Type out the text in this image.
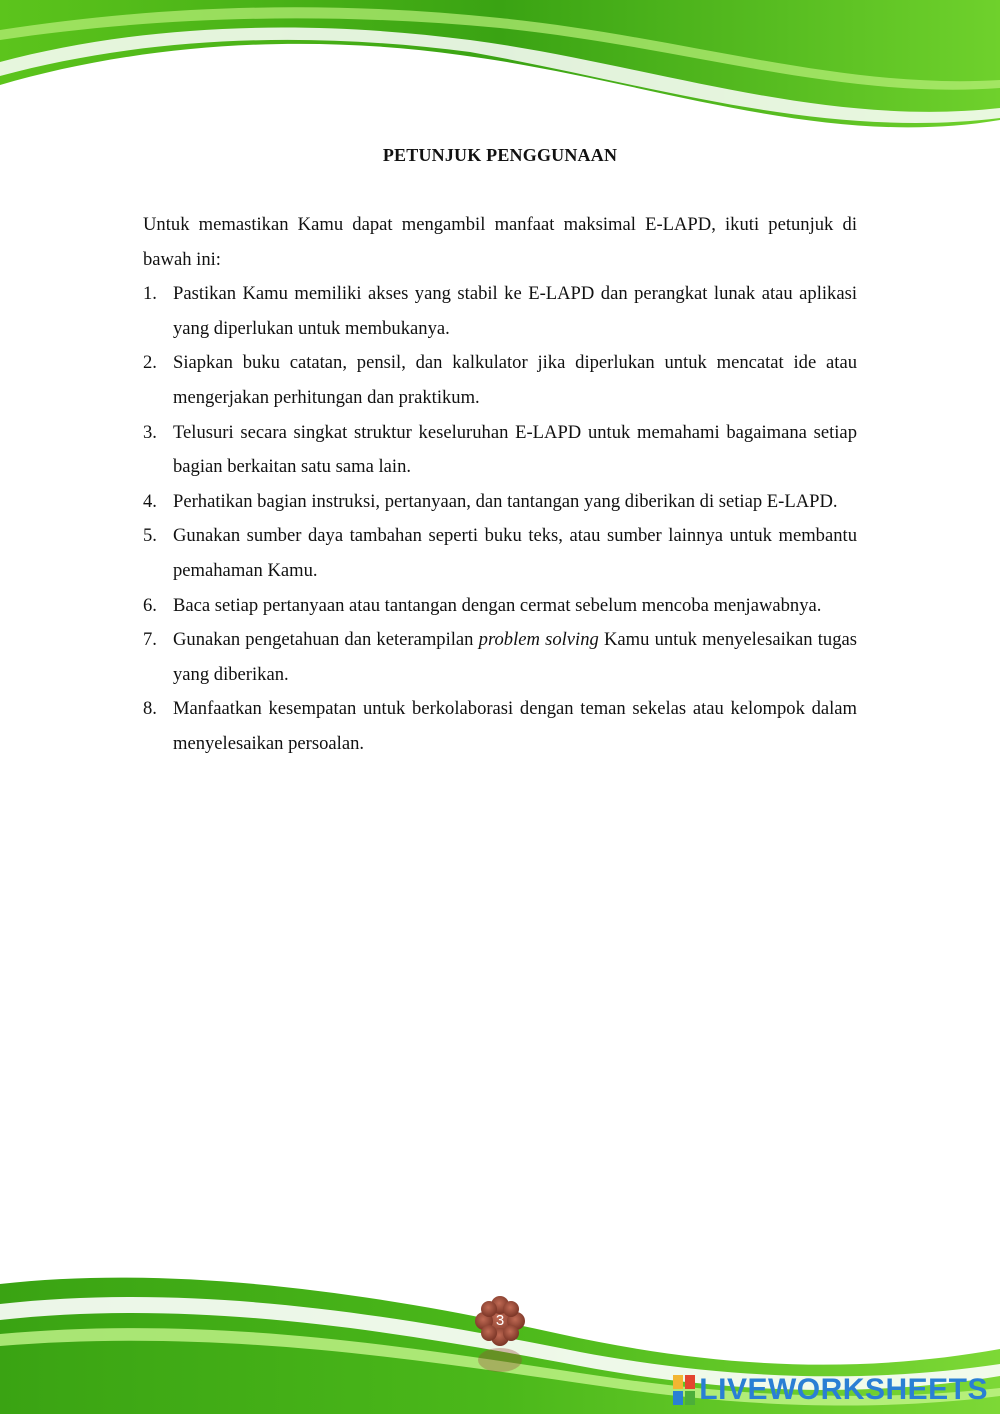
PETUNJUK PENGGUNAAN

Untuk memastikan Kamu dapat mengambil manfaat maksimal E-LAPD, ikuti petunjuk di bawah ini:

1. Pastikan Kamu memiliki akses yang stabil ke E-LAPD dan perangkat lunak atau aplikasi yang diperlukan untuk membukanya.
2. Siapkan buku catatan, pensil, dan kalkulator jika diperlukan untuk mencatat ide atau mengerjakan perhitungan dan praktikum.
3. Telusuri secara singkat struktur keseluruhan E-LAPD untuk memahami bagaimana setiap bagian berkaitan satu sama lain.
4. Perhatikan bagian instruksi, pertanyaan, dan tantangan yang diberikan di setiap E-LAPD.
5. Gunakan sumber daya tambahan seperti buku teks, atau sumber lainnya untuk membantu pemahaman Kamu.
6. Baca setiap pertanyaan atau tantangan dengan cermat sebelum mencoba menjawabnya.
7. Gunakan pengetahuan dan keterampilan problem solving Kamu untuk menyelesaikan tugas yang diberikan.
8. Manfaatkan kesempatan untuk berkolaborasi dengan teman sekelas atau kelompok dalam menyelesaikan persoalan.
3
LIVEWORKSHEETS
